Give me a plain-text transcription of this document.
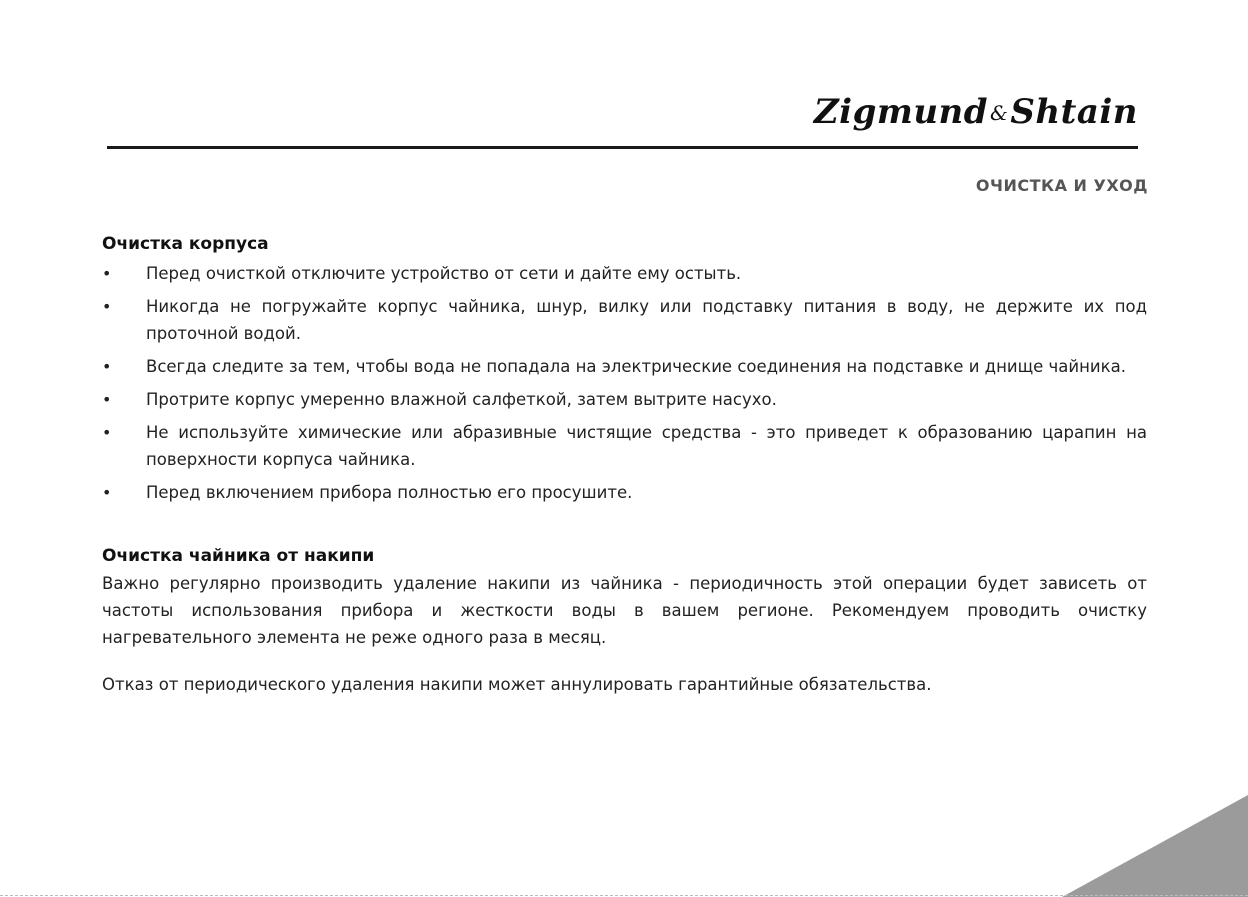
Zigmund &Shtain
ОЧИСТКА И УХОД
Очистка корпуса
•	Перед очисткой отключите устройство от сети и дайте ему остыть.
•	Никогда не погружайте корпус чайника, шнур, вилку или подставку питания в воду, не держите их под проточной водой.
•	Всегда следите за тем, чтобы вода не попадала на электрические соединения на подставке и днище чайника.
•	Протрите корпус умеренно влажной салфеткой, затем вытрите насухо.
•	Не используйте химические или абразивные чистящие средства - это приведет к образованию царапин на поверхности корпуса чайника.
•	Перед включением прибора полностью его просушите.
Очистка чайника от накипи

Важно регулярно производить удаление накипи из чайника - периодичность этой операции будет зависеть от частоты использования прибора и жесткости воды в вашем регионе. Рекомендуем проводить очистку нагревательного элемента не реже одного раза в месяц.

Отказ от периодического удаления накипи может аннулировать гарантийные обязательства.
